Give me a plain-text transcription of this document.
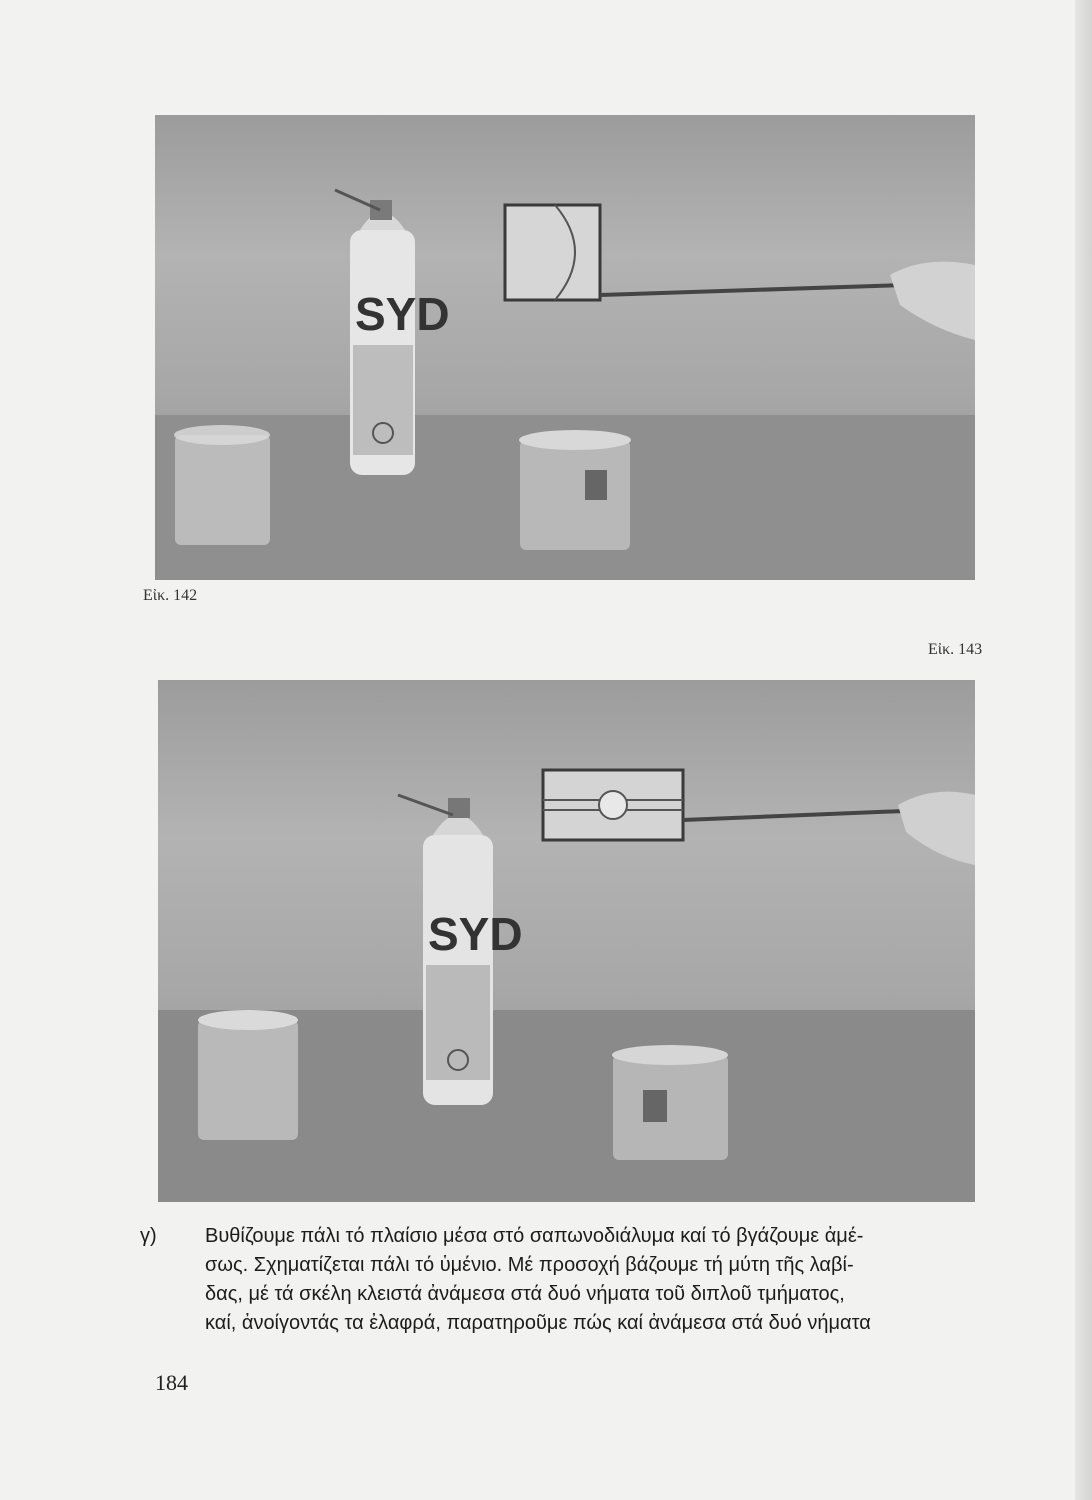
SYD
Εἰκ. 142
Εἰκ. 143
SYD
γ)	Βυθίζουμε πάλι τό πλαίσιο μέσα στό σαπωνοδιάλυμα καί τό βγάζουμε ἀμέ-
σως. Σχηματίζεται πάλι τό ὑμένιο. Μέ προσοχή βάζουμε τή μύτη τῆς λαβί-
δας, μέ τά σκέλη κλειστά ἀνάμεσα στά δυό νήματα τοῦ διπλοῦ τμήματος,
καί, ἀνοίγοντάς τα ἐλαφρά, παρατηροῦμε πώς καί ἀνάμεσα στά δυό νήματα
184
